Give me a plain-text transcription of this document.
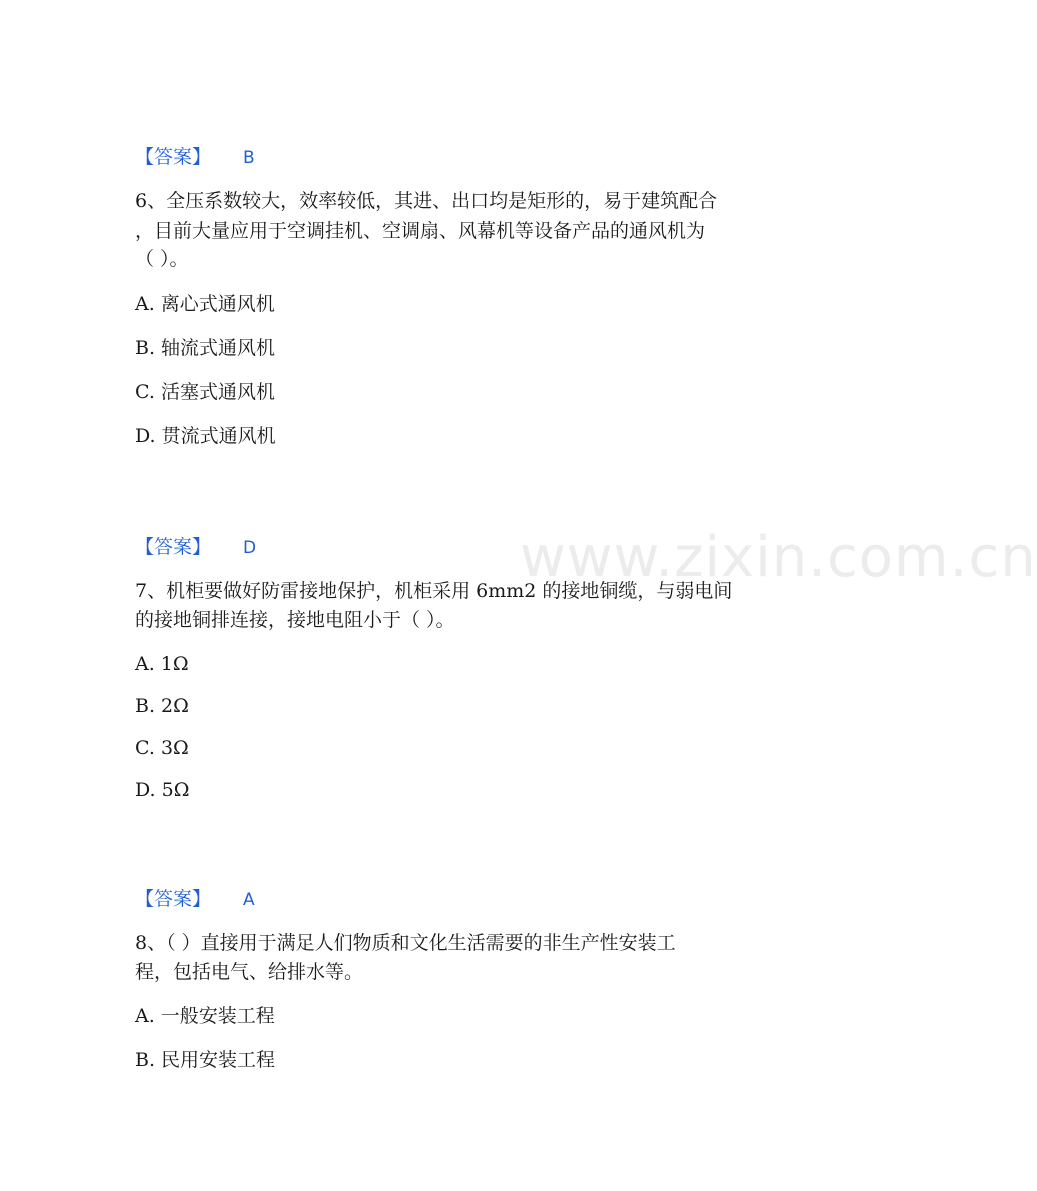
www.zixin.com.cn
【答案】 B
6、全压系数较大，效率较低，其进、出口均是矩形的，易于建筑配合
，目前大量应用于空调挂机、空调扇、风幕机等设备产品的通风机为
（ ）。
A. 离心式通风机
B. 轴流式通风机
C. 活塞式通风机
D. 贯流式通风机
【答案】 D
7、机柜要做好防雷接地保护，机柜采用 6mm2 的接地铜缆，与弱电间
的接地铜排连接，接地电阻小于（ ）。
A. 1Ω
B. 2Ω
C. 3Ω
D. 5Ω
【答案】 A
8、（ ）直接用于满足人们物质和文化生活需要的非生产性安装工
程，包括电气、给排水等。
A. 一般安装工程
B. 民用安装工程
